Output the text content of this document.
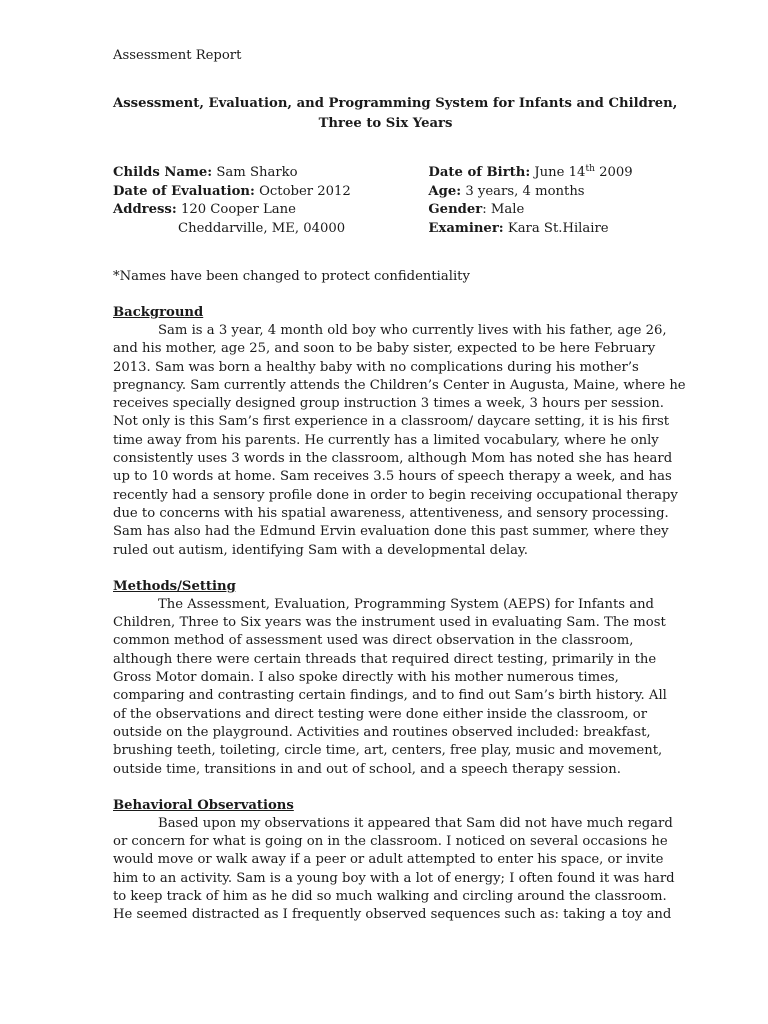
Assessment Report
Assessment, Evaluation, and Programming System for Infants and Children,
Three to Six Years
Childs Name: Sam Sharko
Date of Evaluation: October 2012
Address: 120 Cooper Lane
Cheddarville, ME, 04000
Date of Birth: June 14th 2009
Age: 3 years, 4 months
Gender: Male
Examiner: Kara St.Hilaire
*Names have been changed to protect confidentiality
Background

Sam is a 3 year, 4 month old boy who currently lives with his father, age 26,

and his mother, age 25, and soon to be baby sister, expected to be here February

2013. Sam was born a healthy baby with no complications during his mother’s

pregnancy. Sam currently attends the Children’s Center in Augusta, Maine, where he

receives specially designed group instruction 3 times a week, 3 hours per session.

Not only is this Sam’s first experience in a classroom/ daycare setting, it is his first

time away from his parents. He currently has a limited vocabulary, where he only

consistently uses 3 words in the classroom, although Mom has noted she has heard

up to 10 words at home. Sam receives 3.5 hours of speech therapy a week, and has

recently had a sensory profile done in order to begin receiving occupational therapy

due to concerns with his spatial awareness, attentiveness, and sensory processing.

Sam has also had the Edmund Ervin evaluation done this past summer, where they

ruled out autism, identifying Sam with a developmental delay.

Methods/Setting

The Assessment, Evaluation, Programming System (AEPS) for Infants and

Children, Three to Six years was the instrument used in evaluating Sam. The most

common method of assessment used was direct observation in the classroom,

although there were certain threads that required direct testing, primarily in the

Gross Motor domain. I also spoke directly with his mother numerous times,

comparing and contrasting certain findings, and to find out Sam’s birth history. All

of the observations and direct testing were done either inside the classroom, or

outside on the playground. Activities and routines observed included: breakfast,

brushing teeth, toileting, circle time, art, centers, free play, music and movement,

outside time, transitions in and out of school, and a speech therapy session.

Behavioral Observations

Based upon my observations it appeared that Sam did not have much regard

or concern for what is going on in the classroom. I noticed on several occasions he

would move or walk away if a peer or adult attempted to enter his space, or invite

him to an activity. Sam is a young boy with a lot of energy; I often found it was hard

to keep track of him as he did so much walking and circling around the classroom.

He seemed distracted as I frequently observed sequences such as: taking a toy and
